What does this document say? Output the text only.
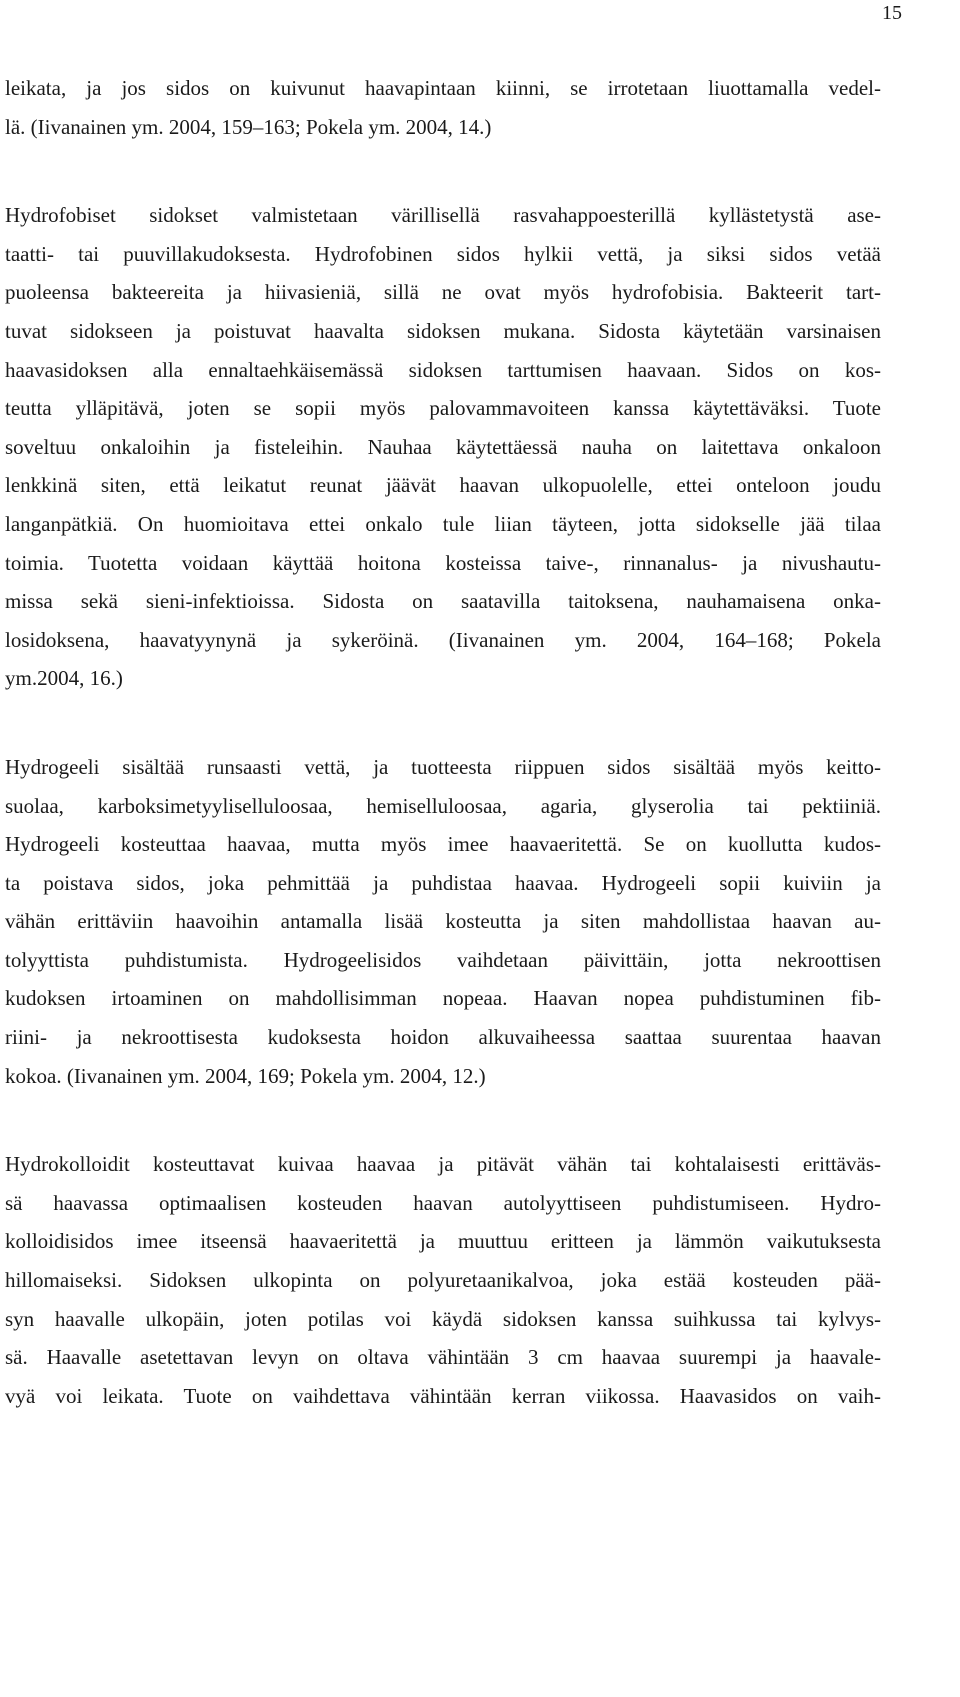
15
leikata, ja jos sidos on kuivunut haavapintaan kiinni, se irrotetaan liuottamalla vedel-
lä. (Iivanainen ym. 2004, 159–163; Pokela ym. 2004, 14.)
Hydrofobiset sidokset valmistetaan värillisellä rasvahappoesterillä kyllästetystä ase-
taatti- tai puuvillakudoksesta. Hydrofobinen sidos hylkii vettä, ja siksi sidos vetää
puoleensa bakteereita ja hiivasieniä, sillä ne ovat myös hydrofobisia. Bakteerit tart-
tuvat sidokseen ja poistuvat haavalta sidoksen mukana. Sidosta käytetään varsinaisen
haavasidoksen alla ennaltaehkäisemässä sidoksen tarttumisen haavaan. Sidos on kos-
teutta ylläpitävä, joten se sopii myös palovammavoiteen kanssa käytettäväksi. Tuote
soveltuu onkaloihin ja fisteleihin. Nauhaa käytettäessä nauha on laitettava onkaloon
lenkkinä siten, että leikatut reunat jäävät haavan ulkopuolelle, ettei onteloon joudu
langanpätkiä. On huomioitava ettei onkalo tule liian täyteen, jotta sidokselle jää tilaa
toimia. Tuotetta voidaan käyttää hoitona kosteissa taive-, rinnanalus- ja nivushautu-
missa sekä sieni-infektioissa. Sidosta on saatavilla taitoksena, nauhamaisena onka-
losidoksena, haavatyynynä ja sykeröinä. (Iivanainen ym. 2004, 164–168; Pokela
ym.2004, 16.)
Hydrogeeli sisältää runsaasti vettä, ja tuotteesta riippuen sidos sisältää myös keitto-
suolaa, karboksimetyyliselluloosaa, hemiselluloosaa, agaria, glyserolia tai pektiiniä.
Hydrogeeli kosteuttaa haavaa, mutta myös imee haavaeritettä. Se on kuollutta kudos-
ta poistava sidos, joka pehmittää ja puhdistaa haavaa. Hydrogeeli sopii kuiviin ja
vähän erittäviin haavoihin antamalla lisää kosteutta ja siten mahdollistaa haavan au-
tolyyttista puhdistumista. Hydrogeelisidos vaihdetaan päivittäin, jotta nekroottisen
kudoksen irtoaminen on mahdollisimman nopeaa. Haavan nopea puhdistuminen fib-
riini- ja nekroottisesta kudoksesta hoidon alkuvaiheessa saattaa suurentaa haavan
kokoa. (Iivanainen ym. 2004, 169; Pokela ym. 2004, 12.)
Hydrokolloidit kosteuttavat kuivaa haavaa ja pitävät vähän tai kohtalaisesti erittäväs-
sä haavassa optimaalisen kosteuden haavan autolyyttiseen puhdistumiseen. Hydro-
kolloidisidos imee itseensä haavaeritettä ja muuttuu eritteen ja lämmön vaikutuksesta
hillomaiseksi. Sidoksen ulkopinta on polyuretaanikalvoa, joka estää kosteuden pää-
syn haavalle ulkopäin, joten potilas voi käydä sidoksen kanssa suihkussa tai kylvys-
sä. Haavalle asetettavan levyn on oltava vähintään 3 cm haavaa suurempi ja haavale-
vyä voi leikata. Tuote on vaihdettava vähintään kerran viikossa. Haavasidos on vaih-
